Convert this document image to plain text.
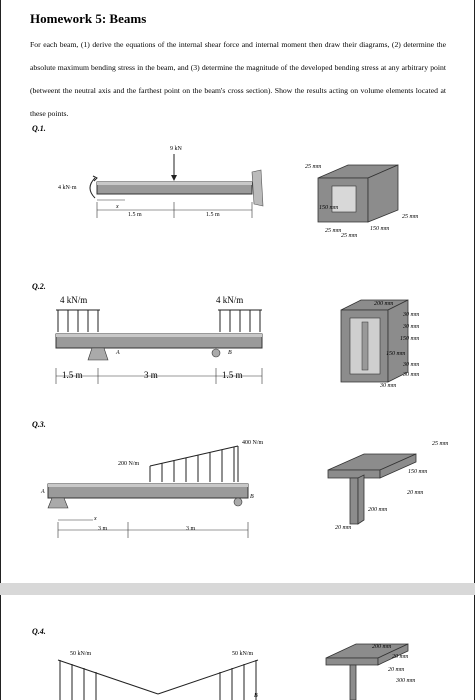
Homework 5: Beams
For each beam, (1) derive the equations of the internal shear force and internal moment then draw their diagrams, (2) determine the absolute maximum bending stress in the beam, and (3) determine the magnitude of the developed bending stress at any arbitrary point (betweent the neutral axis and the farthest point on the beam's cross section). Show the results acting on volume elements located at these points.
Q.1.
9 kN
4 kN·m
x
1.5 m	1.5 m
25 mm
150 mm
25 mm
25 mm
150 mm
25 mm
Q.2.
4 kN/m	4 kN/m
A	B
1.5 m	3 m	1.5 m
200 mm
30 mm
30 mm
150 mm
150 mm
30 mm
30 mm
30 mm
Q.3.
200 N/m
400 N/m
A
B
x
3 m	3 m
25 mm
150 mm
20 mm
200 mm
20 mm
Q.4.
50 kN/m	50 kN/m
B
200 mm
20 mm
20 mm
300 mm
